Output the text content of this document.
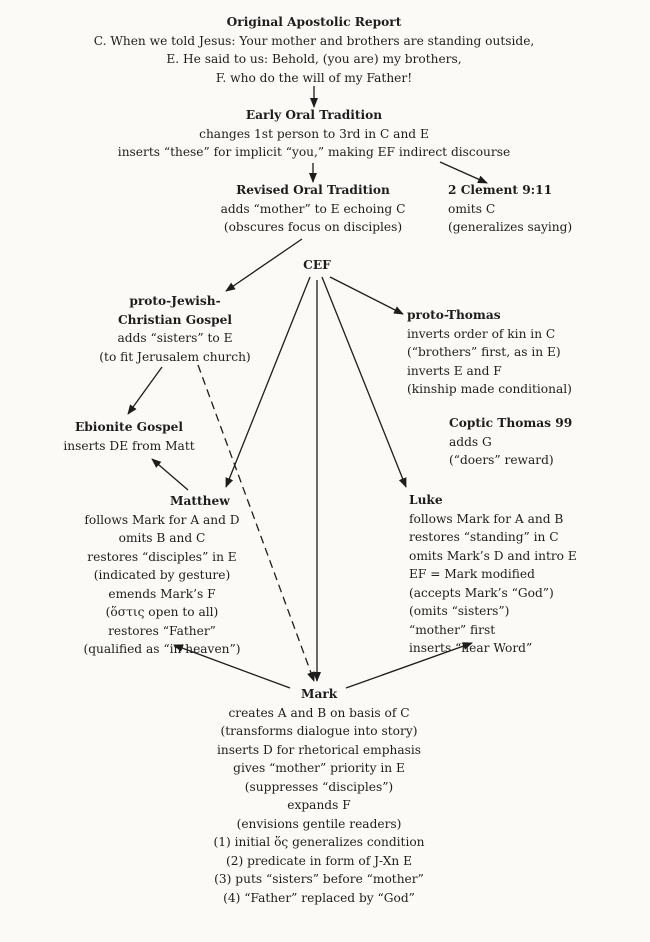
Original Apostolic Report
C. When we told Jesus: Your mother and brothers are standing outside,
E. He said to us: Behold, (you are) my brothers,
F. who do the will of my Father!
Early Oral Tradition
changes 1st person to 3rd in C and E
inserts “these” for implicit “you,” making EF indirect discourse
Revised Oral Tradition
adds “mother” to E echoing C
(obscures focus on disciples)
2 Clement 9:11
omits C
(generalizes saying)
CEF
proto-Jewish-
Christian Gospel
adds “sisters” to E
(to fit Jerusalem church)
proto-Thomas
inverts order of kin in C
(“brothers” first, as in E)
inverts E and F
(kinship made conditional)
Ebionite Gospel
inserts DE from Matt
Coptic Thomas 99
adds G
(“doers” reward)
Matthew
follows Mark for A and D
omits B and C
restores “disciples” in E
(indicated by gesture)
emends Mark’s F
(ὅστις open to all)
restores “Father”
(qualified as “in heaven”)
Luke
follows Mark for A and B
restores “standing” in C
omits Mark’s D and intro E
EF = Mark modified
(accepts Mark’s “God”)
(omits “sisters”)
“mother” first
inserts “hear Word”
Mark
creates A and B on basis of C
(transforms dialogue into story)
inserts D for rhetorical emphasis
gives “mother” priority in E
(suppresses “disciples”)
expands F
(envisions gentile readers)
(1) initial ὅς generalizes condition
(2) predicate in form of J-Xn E
(3) puts “sisters” before “mother”
(4) “Father” replaced by “God”
